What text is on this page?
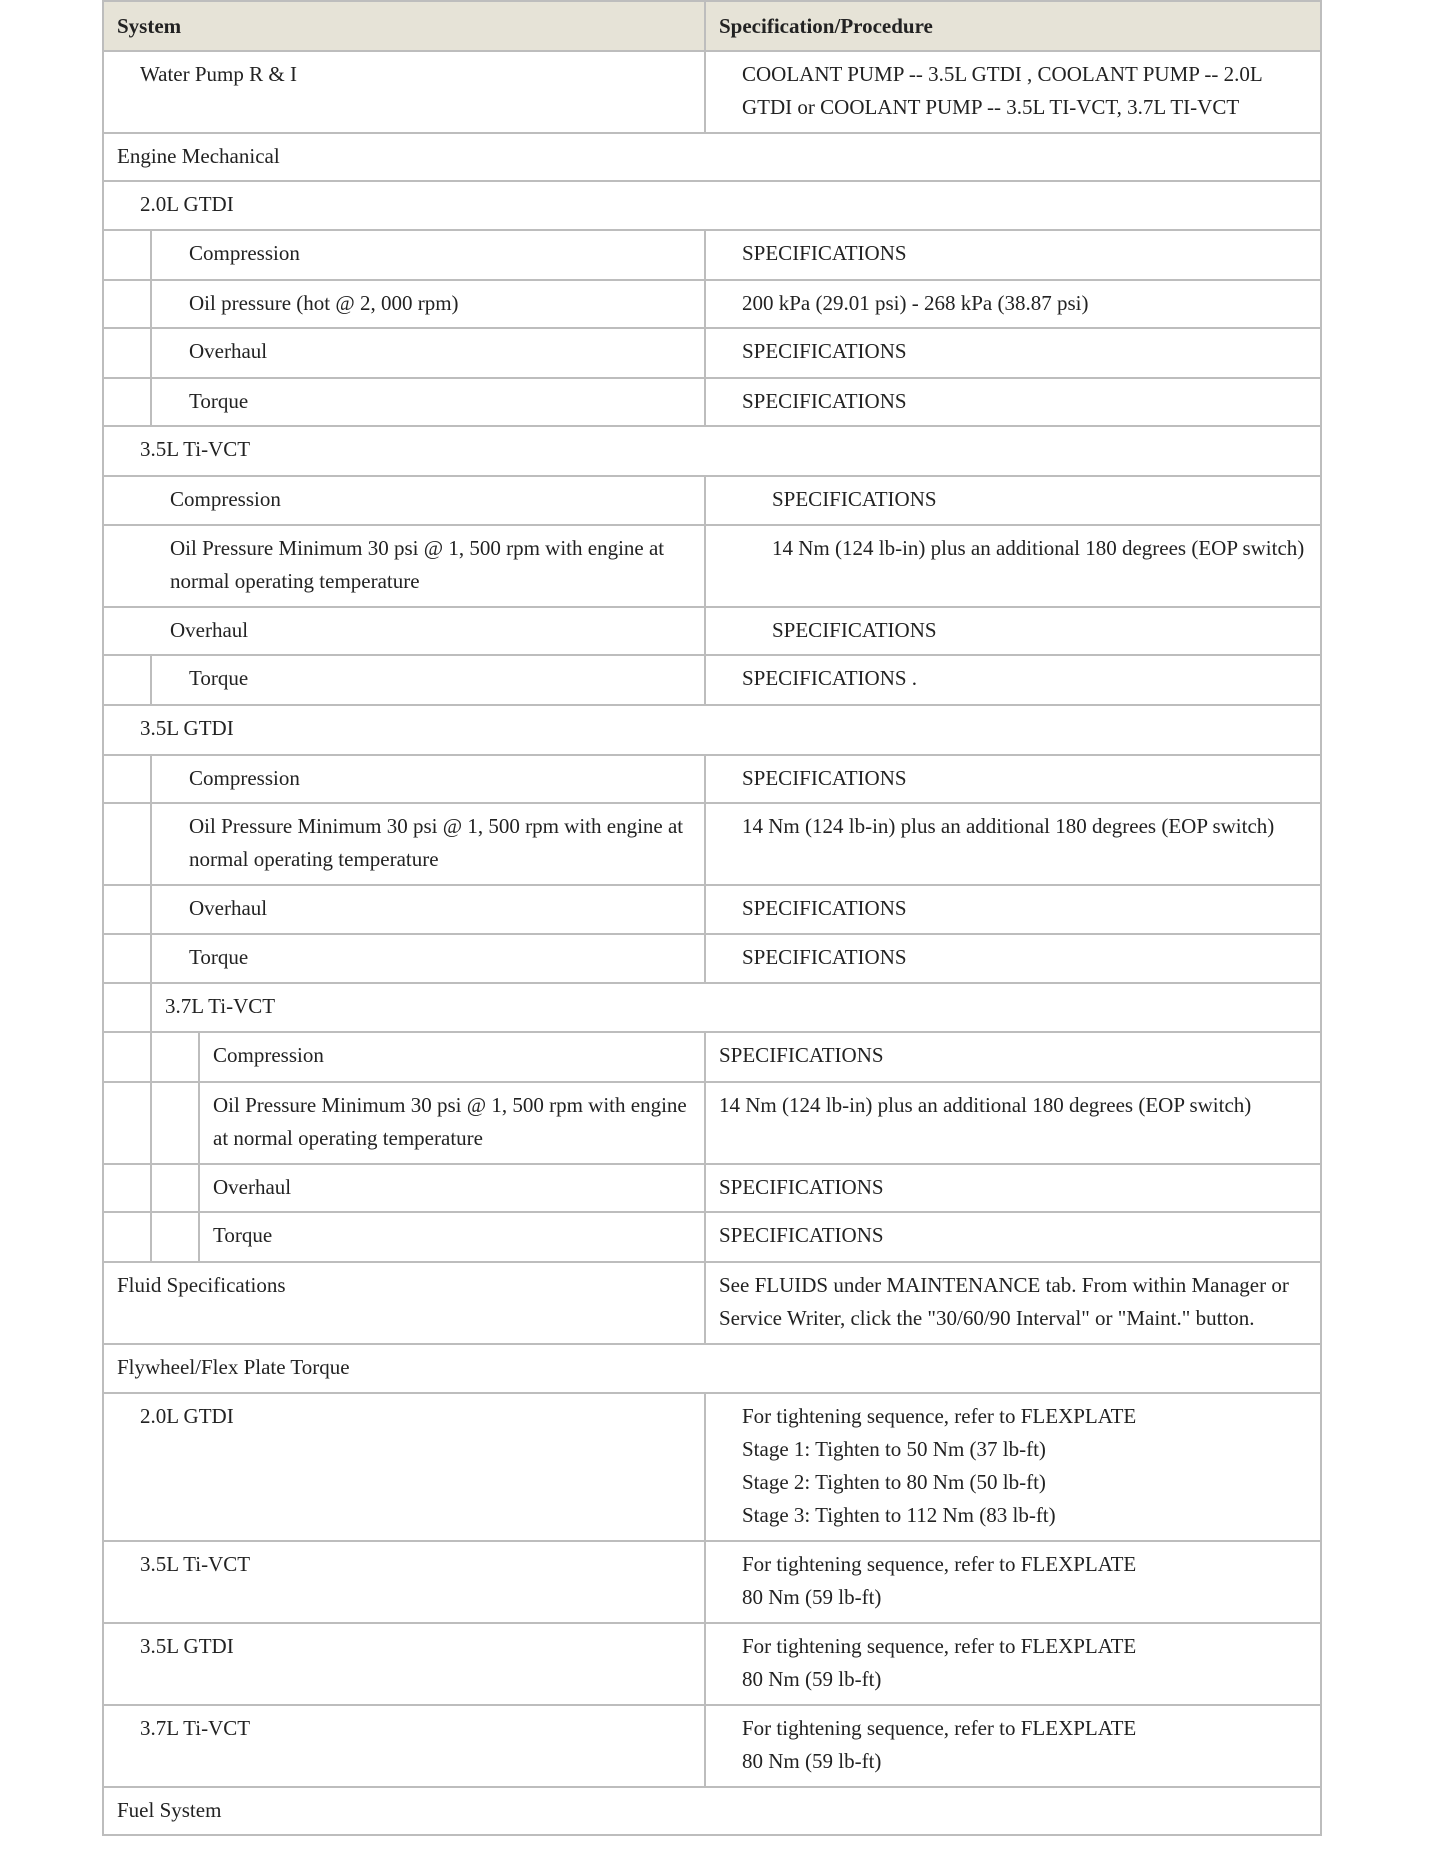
System			Specification/Procedure

Water Pump R & I			COOLANT PUMP -- 3.5L GTDI , COOLANT PUMP -- 2.0L GTDI or COOLANT PUMP -- 3.5L TI-VCT, 3.7L TI-VCT

Engine Mechanical			

2.0L GTDI			

	Compression		SPECIFICATIONS

	Oil pressure (hot @ 2, 000 rpm)		200 kPa (29.01 psi) - 268 kPa (38.87 psi)

	Overhaul		SPECIFICATIONS

	Torque		SPECIFICATIONS

3.5L Ti-VCT			

Compression			SPECIFICATIONS

Oil Pressure Minimum 30 psi @ 1, 500 rpm with engine at normal operating temperature			14 Nm (124 lb-in) plus an additional 180 degrees (EOP switch)

Overhaul			SPECIFICATIONS

	Torque		SPECIFICATIONS .

3.5L GTDI			

	Compression		SPECIFICATIONS

	Oil Pressure Minimum 30 psi @ 1, 500 rpm with engine at normal operating temperature		14 Nm (124 lb-in) plus an additional 180 degrees (EOP switch)

	Overhaul		SPECIFICATIONS

	Torque		SPECIFICATIONS

	3.7L Ti-VCT		

		Compression	SPECIFICATIONS

		Oil Pressure Minimum 30 psi @ 1, 500 rpm with engine at normal operating temperature	14 Nm (124 lb-in) plus an additional 180 degrees (EOP switch)

		Overhaul	SPECIFICATIONS

		Torque	SPECIFICATIONS

Fluid Specifications			See FLUIDS under MAINTENANCE tab. From within Manager or Service Writer, click the "30/60/90 Interval" or "Maint." button.

Flywheel/Flex Plate Torque			

2.0L GTDI			For tightening sequence, refer to FLEXPLATE
Stage 1: Tighten to 50 Nm (37 lb-ft)
Stage 2: Tighten to 80 Nm (50 lb-ft)
Stage 3: Tighten to 112 Nm (83 lb-ft)

3.5L Ti-VCT			For tightening sequence, refer to FLEXPLATE
80 Nm (59 lb-ft)

3.5L GTDI			For tightening sequence, refer to FLEXPLATE
80 Nm (59 lb-ft)

3.7L Ti-VCT			For tightening sequence, refer to FLEXPLATE
80 Nm (59 lb-ft)

Fuel System			
